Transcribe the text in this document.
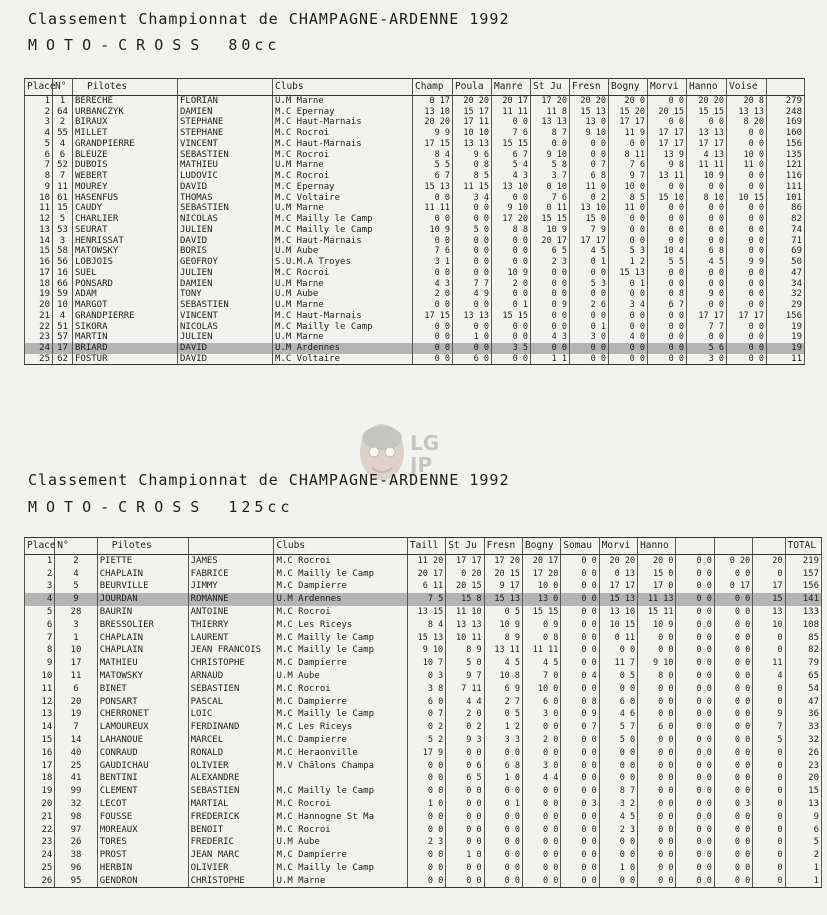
Classement Championnat de CHAMPAGNE-ARDENNE 1992
MOTO-CROSS 80cc
Place	N°	Pilotes		Clubs	Champ	Poula	Manre	St Ju	Fresn	Bogny	Morvi	Hanno	Voise	
1	1	BERECHE	FLORIAN	U.M Marne	0 17	20 20	20 17	17 20	20 20	20 0	0 0	20 20	20 8	279
2	64	URBANCZYK	DAMIEN	M.C Epernay	13 10	15 17	11 11	11 8	15 13	15 20	20 15	15 15	13 13	248
3	2	BIRAUX	STEPHANE	M.C Haut-Marnais	20 20	17 11	0 0	13 13	13 0	17 17	0 0	0 0	8 20	169
4	55	MILLET	STEPHANE	M.C Rocroi	9 9	10 10	7 6	8 7	9 10	11 9	17 17	13 13	0 0	160
5	4	GRANDPIERRE	VINCENT	M.C Haut-Marnais	17 15	13 13	15 15	0 0	0 0	0 0	17 17	17 17	0 0	156
6	6	BLEUZE	SEBASTIEN	M.C Rocroi	8 4	9 6	6 7	9 10	0 0	8 11	13 9	4 13	10 0	135
7	52	DUBOIS	MATHIEU	U.M Marne	5 5	0 8	5 4	5 8	0 7	7 6	9 8	11 11	11 0	121
8	7	WEBERT	LUDOVIC	M.C Rocroi	6 7	8 5	4 3	3 7	6 8	9 7	13 11	10 9	0 0	116
9	11	MOUREY	DAVID	M.C Epernay	15 13	11 15	13 10	0 10	11 0	10 0	0 0	0 0	0 0	111
10	61	HASENFUS	THOMAS	M.C Voltaire	0 0	3 4	0 0	7 6	0 2	8 5	15 10	8 10	10 15	101
11	15	CAUDY	SEBASTIEN	U.M Marne	11 11	0 0	9 10	0 11	13 10	11 0	0 0	0 0	0 0	86
12	5	CHARLIER	NICOLAS	M.C Mailly le Camp	0 0	0 0	17 20	15 15	15 0	0 0	0 0	0 0	0 0	82
13	53	SEURAT	JULIEN	M.C Mailly le Camp	10 9	5 0	8 8	10 9	7 9	0 0	0 0	0 0	0 0	74
14	3	HENRISSAT	DAVID	M.C Haut-Marnais	0 0	0 0	0 0	20 17	17 17	0 0	0 0	0 0	0 0	71
15	58	MATOWSKY	BORIS	U.M Aube	7 6	0 0	0 0	6 5	4 5	5 3	10 4	6 8	0 0	69
16	56	LOBJOIS	GEOFROY	S.U.M.A Troyes	3 1	0 0	0 0	2 3	0 1	1 2	5 5	4 5	9 9	50
17	16	SUEL	JULIEN	M.C Rocroi	0 0	0 0	10 9	0 0	0 0	15 13	0 0	0 0	0 0	47
18	66	PONSARD	DAMIEN	U.M Marne	4 3	7 7	2 0	0 0	5 3	0 1	0 0	0 0	0 0	34
19	59	ADAM	TONY	U.M Aube	2 0	4 9	0 0	0 0	0 0	0 0	0 8	9 0	0 0	32
20	10	MARGOT	SEBASTIEN	U.M Marne	0 0	0 0	0 1	0 9	2 6	3 4	6 7	0 0	0 0	29
21	4	GRANDPIERRE	VINCENT	M.C Haut-Marnais	17 15	13 13	15 15	0 0	0 0	0 0	0 0	17 17	17 17	156
22	51	SIKORA	NICOLAS	M.C Mailly le Camp	0 0	0 0	0 0	0 0	0 1	0 0	0 0	7 7	0 0	19
23	57	MARTIN	JULIEN	U.M Marne	0 0	1 0	0 0	4 3	3 0	4 0	0 0	0 0	0 0	19
24	17	BRIARD	DAVID	U.M Ardennes	0 0	0 0	3 5	0 0	0 0	0 0	0 0	5 6	0 0	19
25	62	FOSTUR	DAVID	M.C Voltaire	0 0	6 0	0 0	1 1	0 0	0 0	0 0	3 0	0 0	11
LG JP
Classement Championnat de CHAMPAGNE-ARDENNE 1992
MOTO-CROSS 125cc
Place	N°	Pilotes		Clubs	Taill	St Ju	Fresn	Bogny	Somau	Morvi	Hanno				TOTAL
1	2	PIETTE	JAMES	M.C Rocroi	11 20	17 17	17 20	20 17	0 0	20 20	20 0	0 0	0 20	20	219
2	4	CHAPLAIN	FABRICE	M.C Mailly le Camp	20 17	0 20	20 15	17 20	0 0	0 13	15 0	0 0	0 0	0	157
3	5	BEURVILLE	JIMMY	M.C Dampierre	6 11	20 15	9 17	10 0	0 0	17 17	17 0	0 0	0 17	17	156
4	9	JOURDAN	ROMANNE	U.M Ardennes	7 5	15 8	15 13	13 0	0 0	15 13	11 13	0 0	0 0	15	141
5	28	BAURIN	ANTOINE	M.C Rocroi	13 15	11 10	0 5	15 15	0 0	13 10	15 11	0 0	0 0	13	133
6	3	BRESSOLIER	THIERRY	M.C Les Riceys	8 4	13 13	10 9	0 9	0 0	10 15	10 9	0 0	0 0	10	108
7	1	CHAPLAIN	LAURENT	M.C Mailly le Camp	15 13	10 11	8 9	0 8	0 0	0 11	0 0	0 0	0 0	0	85
8	10	CHAPLAIN	JEAN FRANCOIS	M.C Mailly le Camp	9 10	8 9	13 11	11 11	0 0	0 0	0 0	0 0	0 0	0	82
9	17	MATHIEU	CHRISTOPHE	M.C Dampierre	10 7	5 0	4 5	4 5	0 0	11 7	9 10	0 0	0 0	11	79
10	11	MATOWSKY	ARNAUD	U.M Aube	0 3	9 7	10 8	7 0	0 4	0 5	8 0	0 0	0 0	4	65
11	6	BINET	SEBASTIEN	M.C Rocroi	3 8	7 11	6 9	10 0	0 0	0 0	0 0	0 0	0 0	0	54
12	20	PONSART	PASCAL	M.C Dampierre	6 0	4 4	2 7	6 0	0 8	6 0	0 0	0 0	0 0	0	47
13	19	CHERRONET	LOIC	M.C Mailly le Camp	0 7	2 0	0 5	3 0	0 9	4 6	0 0	0 0	0 0	9	36
14	7	LAMOUREUX	FERDINAND	M.C Les Riceys	0 2	0 2	1 2	0 0	0 7	5 7	6 0	0 0	0 0	7	33
15	14	LAHANOUE	MARCEL	M.C Dampierre	5 2	9 3	3 3	2 0	0 0	5 0	0 0	0 0	0 0	5	32
16	40	CONRAUD	RONALD	M.C Heraonville	17 9	0 0	0 0	0 0	0 0	0 0	0 0	0 0	0 0	0	26
17	25	GAUDICHAU	OLIVIER	M.V Châlons Champa	0 0	0 6	6 8	3 0	0 0	0 0	0 0	0 0	0 0	0	23
18	41	BENTINI	ALEXANDRE		0 0	6 5	1 0	4 4	0 0	0 0	0 0	0 0	0 0	0	20
19	99	CLEMENT	SEBASTIEN	M.C Mailly le Camp	0 0	0 0	0 0	0 0	0 0	8 7	0 0	0 0	0 0	0	15
20	32	LECOT	MARTIAL	M.C Rocroi	1 0	0 0	0 1	0 0	0 3	3 2	0 0	0 0	0 3	0	13
21	98	FOUSSE	FREDERICK	M.C Hannogne St Ma	0 0	0 0	0 0	0 0	0 0	4 5	0 0	0 0	0 0	0	9
22	97	MOREAUX	BENOIT	M.C Rocroi	0 0	0 0	0 0	0 0	0 0	2 3	0 0	0 0	0 0	0	6
23	26	TORES	FREDERIC	U.M Aube	2 3	0 0	0 0	0 0	0 0	0 0	0 0	0 0	0 0	0	5
24	38	PROST	JEAN MARC	M.C Dampierre	0 0	1 0	0 0	0 0	0 0	0 0	0 0	0 0	0 0	0	2
25	96	HERBIN	OLIVIER	M.C Mailly le Camp	0 0	0 0	0 0	0 0	0 0	1 0	0 0	0 0	0 0	0	1
26	95	GENDRON	CHRISTOPHE	U.M Marne	0 0	0 0	0 0	0 0	0 0	0 0	0 0	0 0	0 0	0	1
